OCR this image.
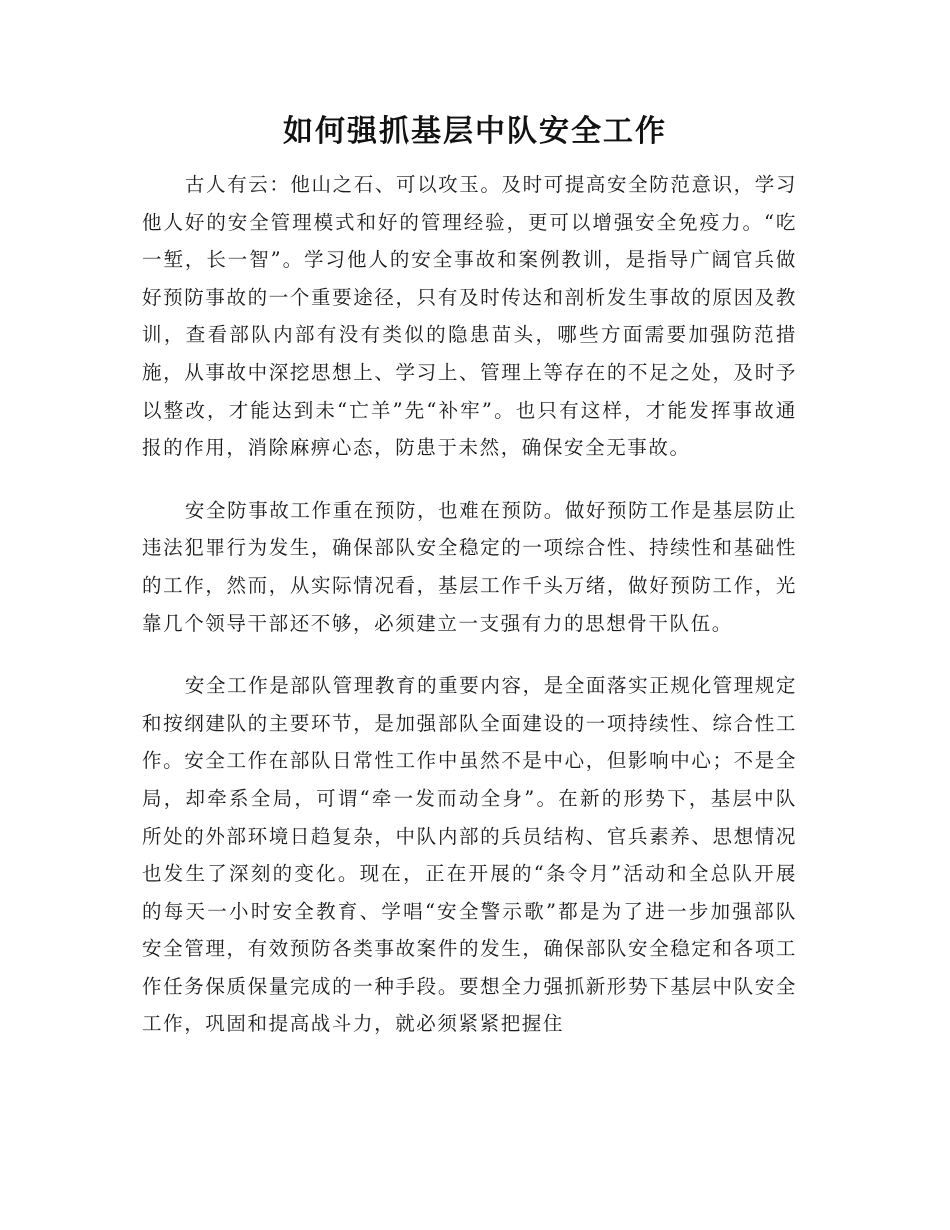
如何强抓基层中队安全工作

古人有云：他山之石、可以攻玉。及时可提高安全防范意识，学习他人好的安全管理模式和好的管理经验，更可以增强安全免疫力。“吃一堑，长一智”。学习他人的安全事故和案例教训，是指导广阔官兵做好预防事故的一个重要途径，只有及时传达和剖析发生事故的原因及教训，查看部队内部有没有类似的隐患苗头，哪些方面需要加强防范措施，从事故中深挖思想上、学习上、管理上等存在的不足之处，及时予以整改，才能达到未“亡羊”先“补牢”。也只有这样，才能发挥事故通报的作用，消除麻痹心态，防患于未然，确保安全无事故。

安全防事故工作重在预防，也难在预防。做好预防工作是基层防止违法犯罪行为发生，确保部队安全稳定的一项综合性、持续性和基础性的工作，然而，从实际情况看，基层工作千头万绪，做好预防工作，光靠几个领导干部还不够，必须建立一支强有力的思想骨干队伍。

安全工作是部队管理教育的重要内容，是全面落实正规化管理规定和按纲建队的主要环节，是加强部队全面建设的一项持续性、综合性工作。安全工作在部队日常性工作中虽然不是中心，但影响中心；不是全局，却牵系全局，可谓“牵一发而动全身”。在新的形势下，基层中队所处的外部环境日趋复杂，中队内部的兵员结构、官兵素养、思想情况也发生了深刻的变化。现在，正在开展的“条令月”活动和全总队开展的每天一小时安全教育、学唱“安全警示歌”都是为了进一步加强部队安全管理，有效预防各类事故案件的发生，确保部队安全稳定和各项工作任务保质保量完成的一种手段。要想全力强抓新形势下基层中队安全工作，巩固和提高战斗力，就必须紧紧把握住
